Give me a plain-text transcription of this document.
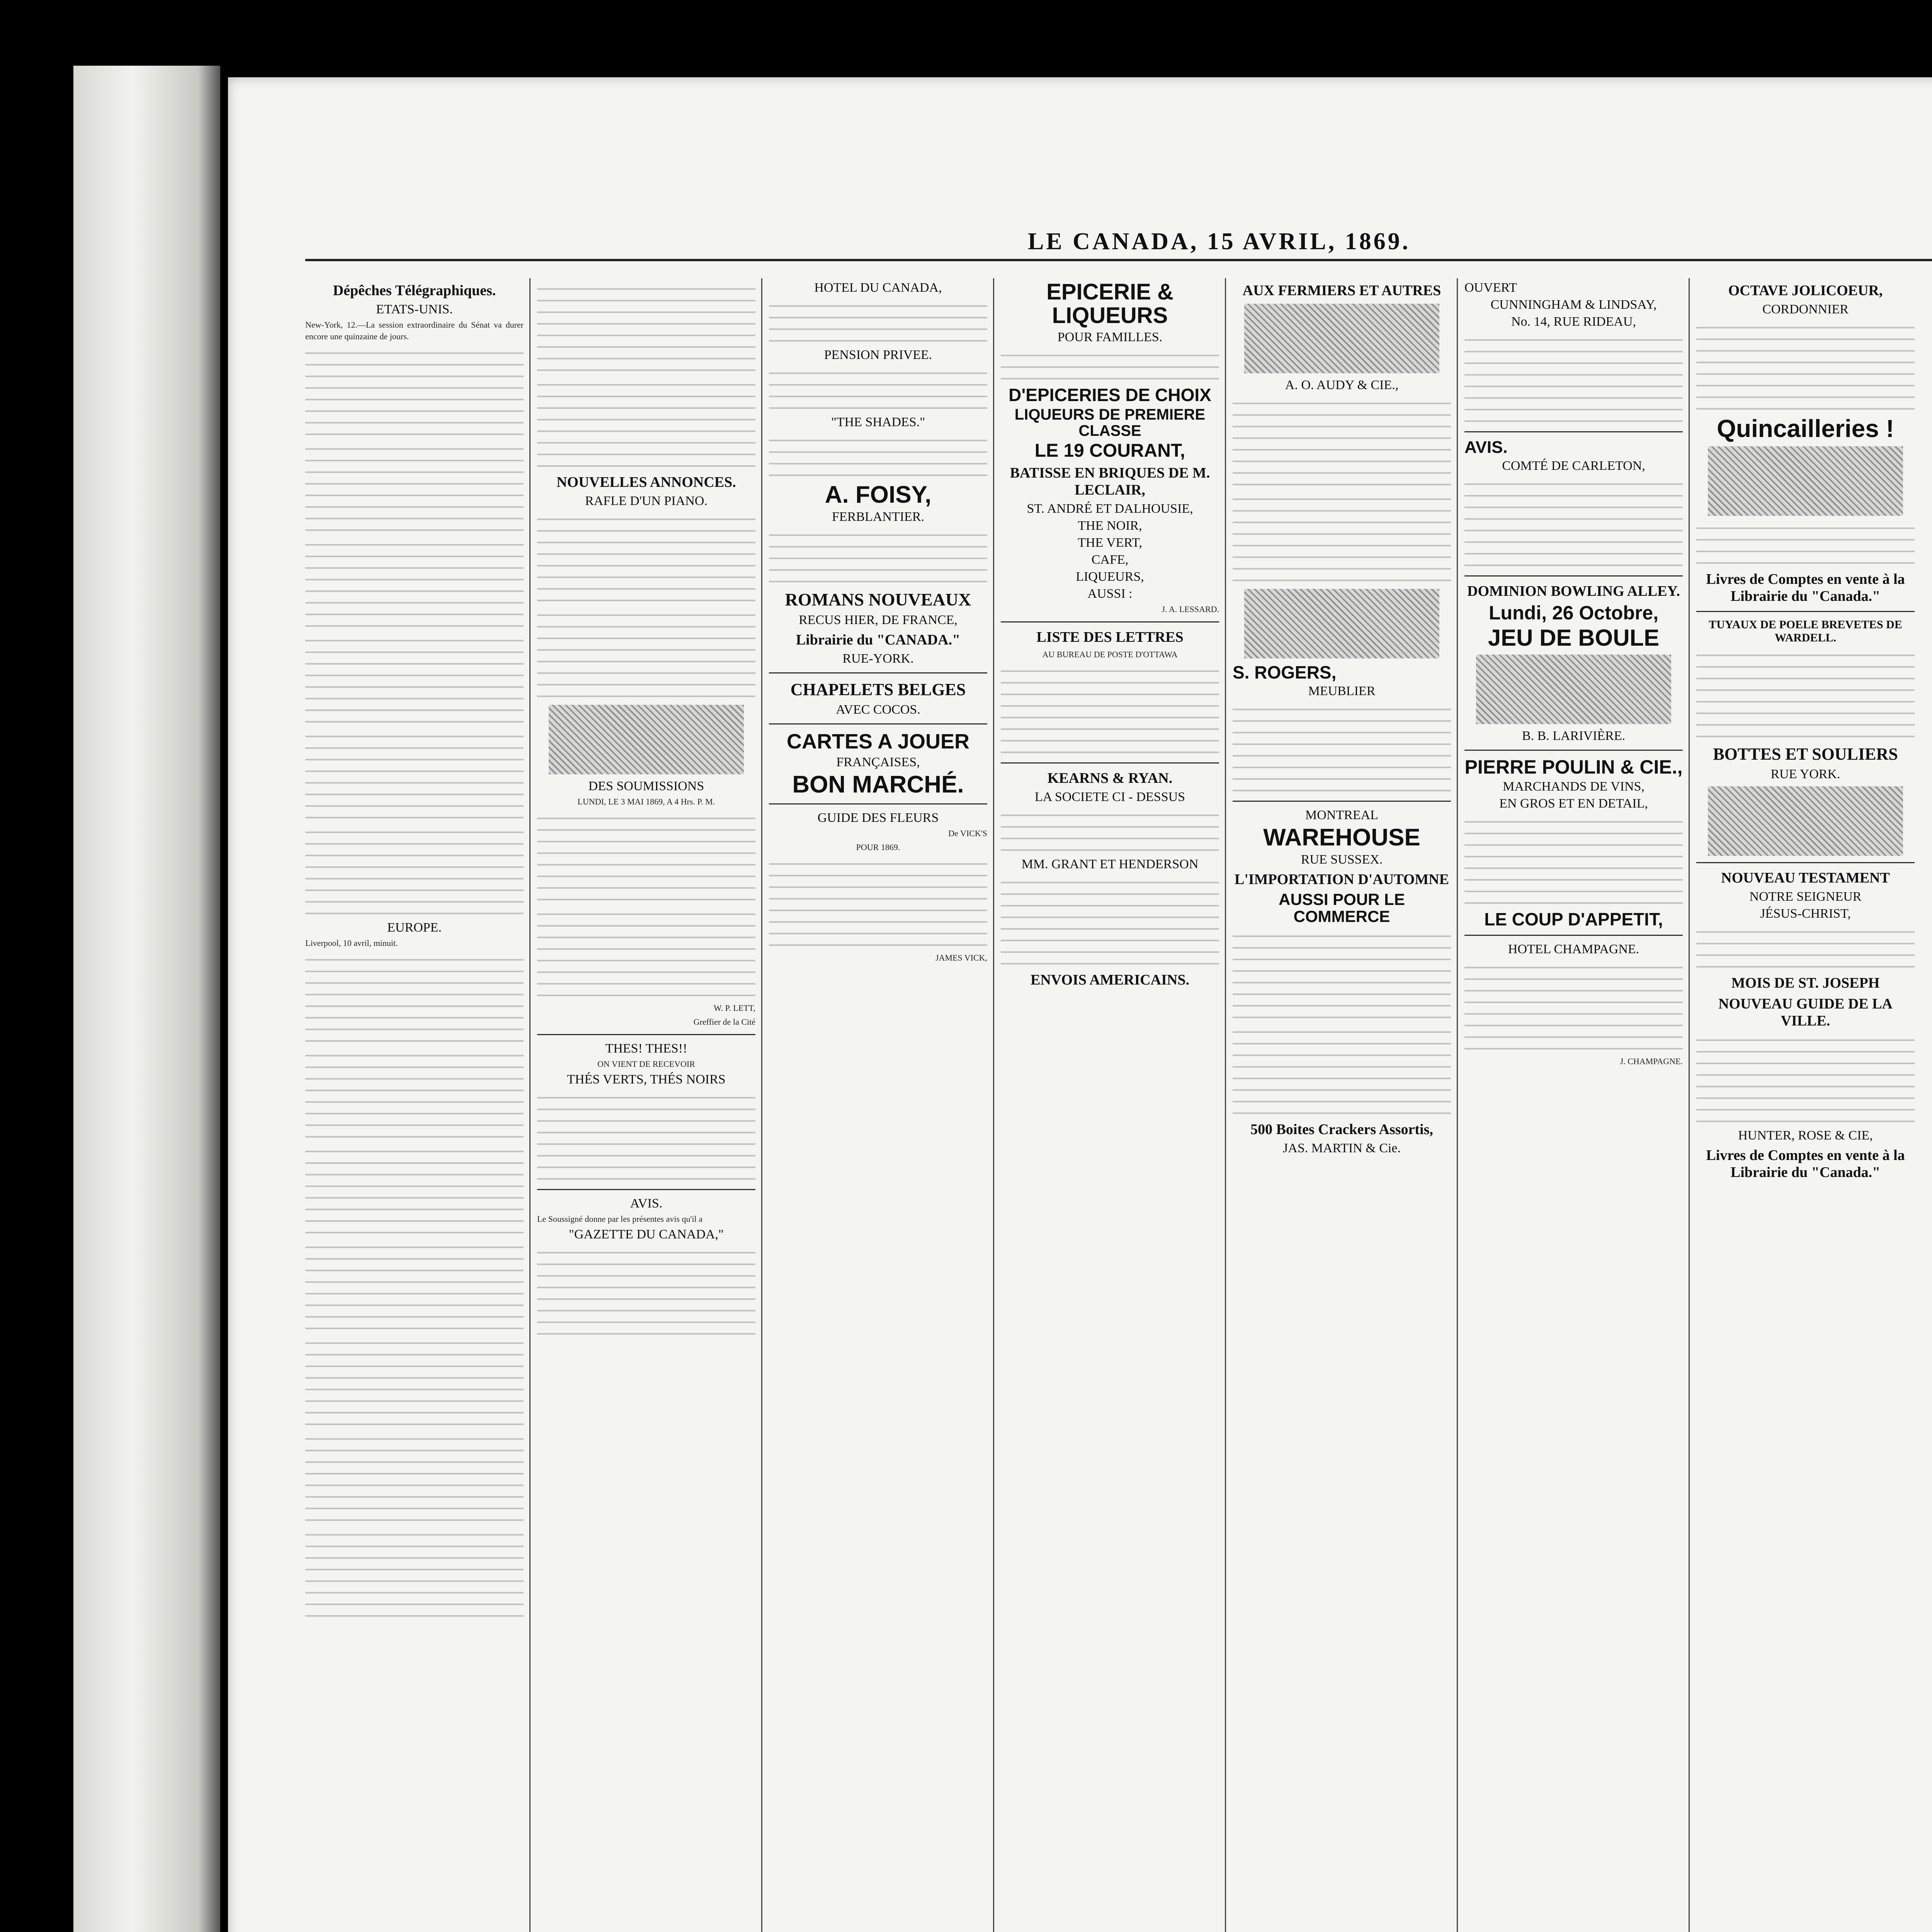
LE CANADA, 15 AVRIL, 1869.
Dépêches Télégraphiques.
ETATS-UNIS.
New-York, 12.—La session extraordinaire du Sénat va durer encore une quinzaine de jours.
EUROPE.
Liverpool, 10 avril, minuit.
NOUVELLES ANNONCES.
RAFLE D'UN PIANO.
DES SOUMISSIONS
LUNDI, LE 3 MAI 1869, A 4 Hrs. P. M.
W. P. LETT,
Greffier de la Cité
THES! THES!!
ON VIENT DE RECEVOIR
THÉS VERTS, THÉS NOIRS
AVIS.
Le Soussigné donne par les présentes avis qu'il a
"GAZETTE DU CANADA,"
HOTEL DU CANADA,
PENSION PRIVEE.
"THE SHADES."
A. FOISY,
FERBLANTIER.
ROMANS NOUVEAUX
RECUS HIER, DE FRANCE,
Librairie du "CANADA."
RUE-YORK.
CHAPELETS BELGES
AVEC COCOS.
CARTES A JOUER
FRANÇAISES,
BON MARCHÉ.
GUIDE DES FLEURS
De VICK'S
POUR 1869.
JAMES VICK,
EPICERIE & LIQUEURS
POUR FAMILLES.
D'EPICERIES DE CHOIX
LIQUEURS DE PREMIERE CLASSE
LE 19 COURANT,
BATISSE EN BRIQUES DE M. LECLAIR,
ST. ANDRÉ ET DALHOUSIE,
THE NOIR,
THE VERT,
CAFE,
LIQUEURS,
AUSSI :
J. A. LESSARD.
LISTE DES LETTRES
AU BUREAU DE POSTE D'OTTAWA
KEARNS & RYAN.
LA SOCIETE CI - DESSUS
MM. GRANT ET HENDERSON
ENVOIS AMERICAINS.
AUX FERMIERS ET AUTRES
A. O. AUDY & CIE.,
S. ROGERS,
MEUBLIER
MONTREAL
WAREHOUSE
RUE SUSSEX.
L'IMPORTATION D'AUTOMNE
AUSSI POUR LE COMMERCE
500 Boites Crackers Assortis,
JAS. MARTIN & Cie.
OUVERT
CUNNINGHAM & LINDSAY,
No. 14, RUE RIDEAU,
AVIS.
COMTÉ DE CARLETON,
DOMINION BOWLING ALLEY.
Lundi, 26 Octobre,
JEU DE BOULE
B. B. LARIVIÈRE.
PIERRE POULIN & CIE.,
MARCHANDS DE VINS,
EN GROS ET EN DETAIL,
LE COUP D'APPETIT,
HOTEL CHAMPAGNE.
J. CHAMPAGNE.
OCTAVE JOLICOEUR,
CORDONNIER
Quincailleries !
Livres de Comptes en vente à la Librairie du "Canada."
TUYAUX DE POELE BREVETES DE WARDELL.
BOTTES ET SOULIERS
RUE YORK.
NOUVEAU TESTAMENT
NOTRE SEIGNEUR
JÉSUS-CHRIST,
MOIS DE ST. JOSEPH
NOUVEAU GUIDE DE LA VILLE.
HUNTER, ROSE & CIE,
Livres de Comptes en vente à la Librairie du "Canada."
